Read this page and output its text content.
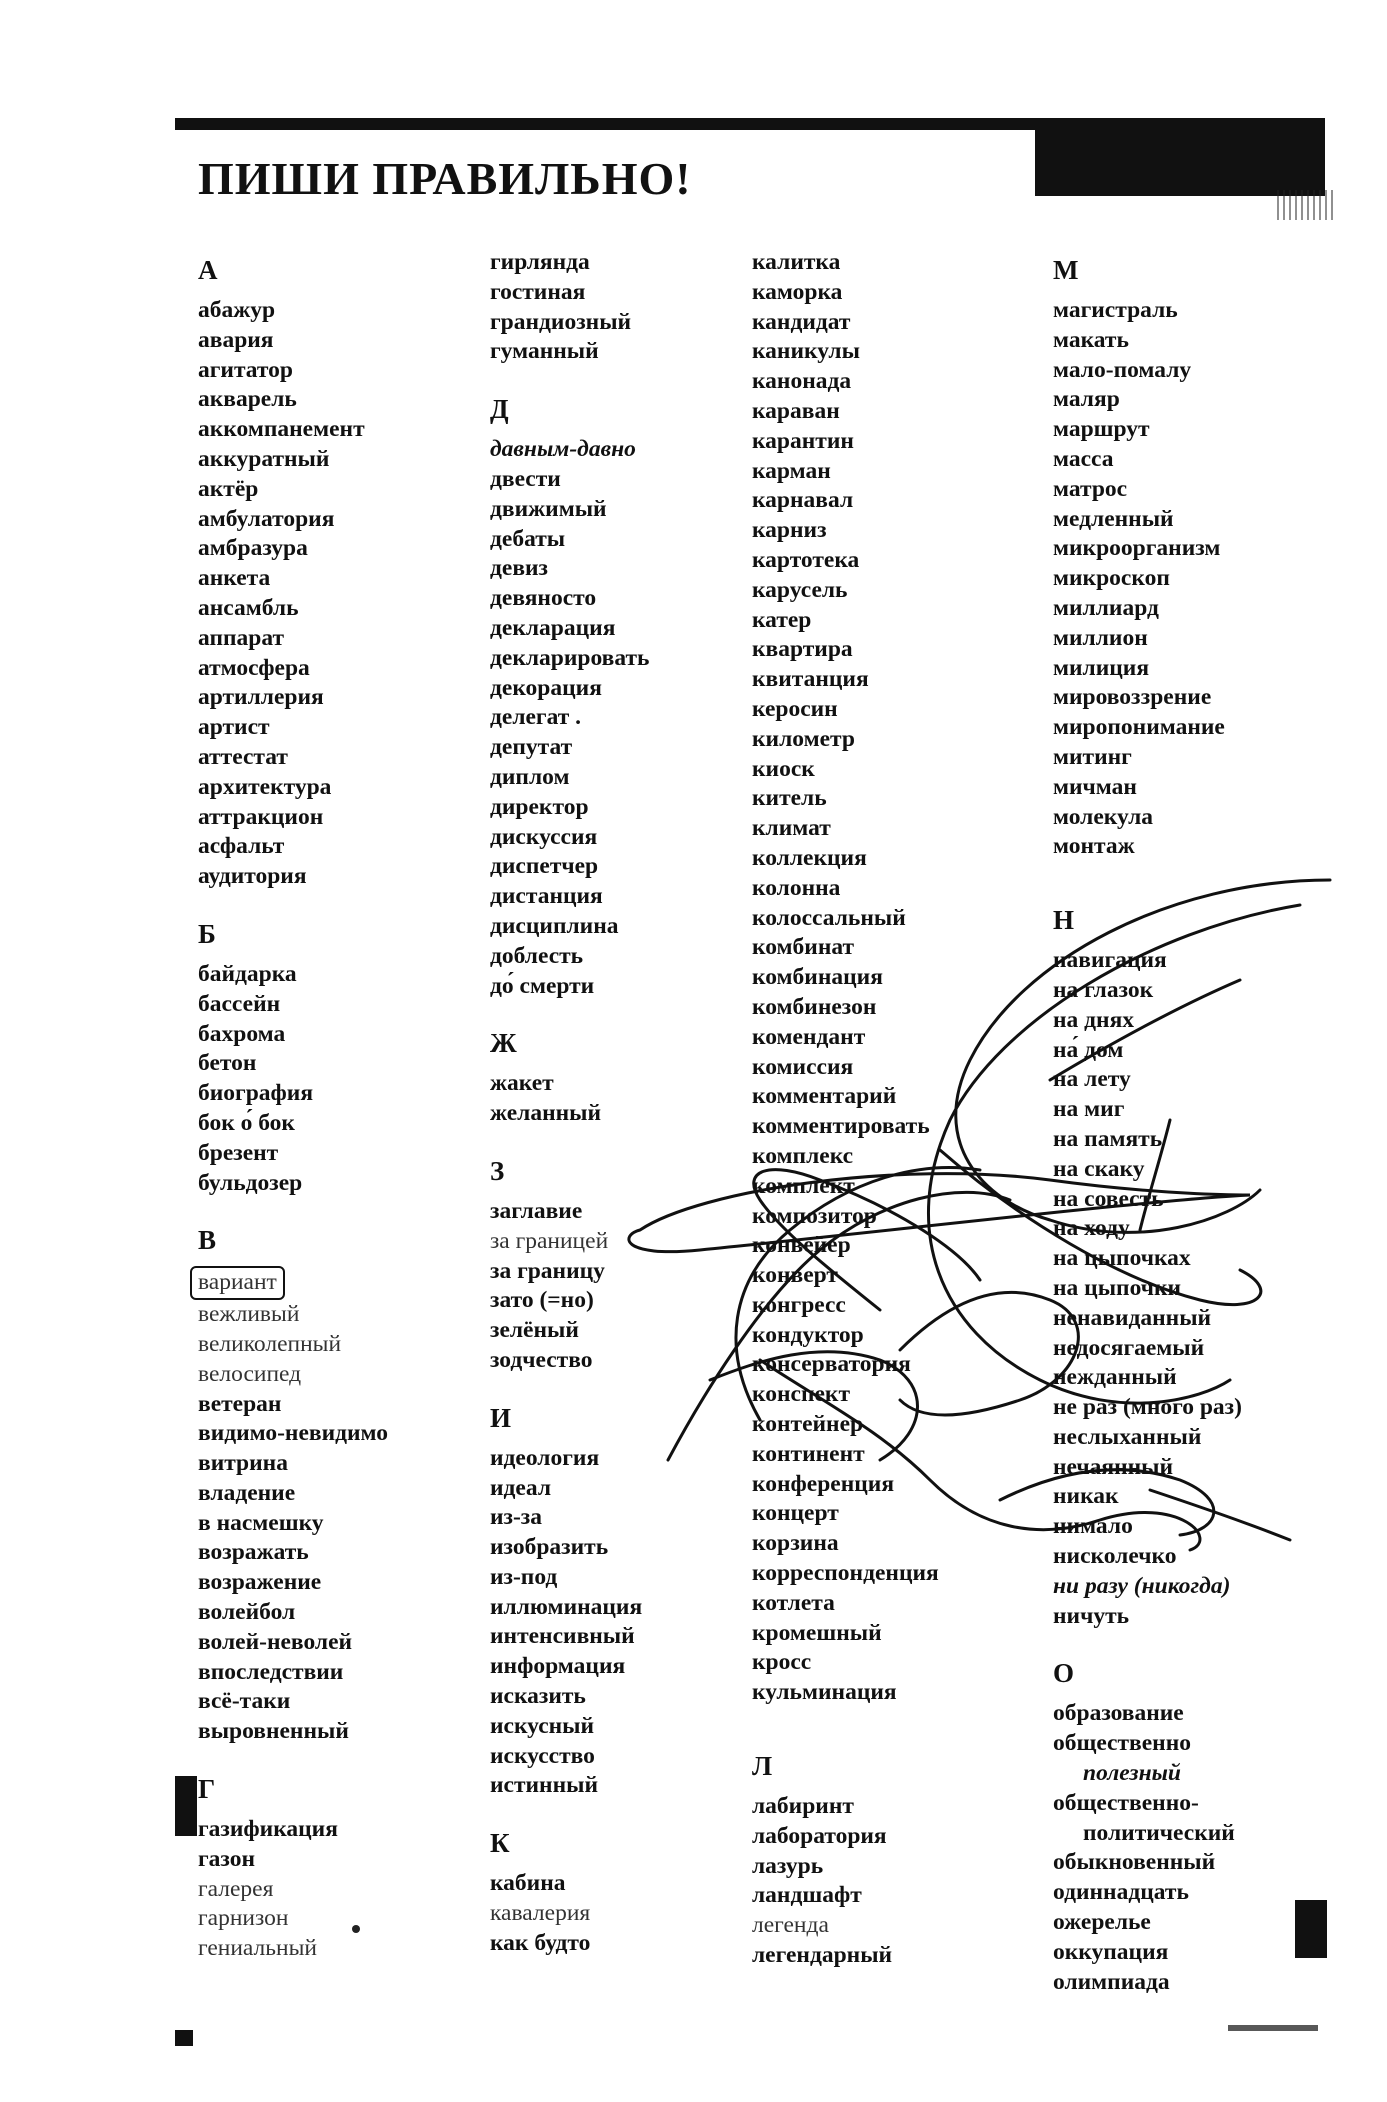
ПИШИ ПРАВИЛЬНО!
А
абажур
авария
агитатор
акварель
аккомпанемент
аккуратный
актёр
амбулатория
амбразура
анкета
ансамбль
аппарат
атмосфера
артиллерия
артист
аттестат
архитектура
аттракцион
асфальт
аудитория
Б
байдарка
бассейн
бахрома
бетон
биография
бок о́ бок
брезент
бульдозер
В
вариант
вежливый
великолепный
велосипед
ветеран
видимо-невидимо
витрина
владение
в насмешку
возражать
возражение
волейбол
волей-неволей
впоследствии
всё-таки
выровненный
Г
газификация
газон
галерея
гарнизон
гениальный
гирлянда
гостиная
грандиозный
гуманный
Д
давным-давно
двести
движимый
дебаты
девиз
девяносто
декларация
декларировать
декорация
делегат .
депутат
диплом
директор
дискуссия
диспетчер
дистанция
дисциплина
доблесть
до́ смерти
Ж
жакет
желанный
З
заглавие
за границей
за границу
зато (=но)
зелёный
зодчество
И
идеология
идеал
из-за
изобразить
из-под
иллюминация
интенсивный
информация
исказить
искусный
искусство
истинный
К
кабина
кавалерия
как будто
калитка
каморка
кандидат
каникулы
канонада
караван
карантин
карман
карнавал
карниз
картотека
карусель
катер
квартира
квитанция
керосин
километр
киоск
китель
климат
коллекция
колонна
колоссальный
комбинат
комбинация
комбинезон
комендант
комиссия
комментарий
комментировать
комплекс
комплект
композитор
конвейер
конверт
конгресс
кондуктор
консерватория
конспект
контейнер
континент
конференция
концерт
корзина
корреспонденция
котлета
кромешный
кросс
кульминация
Л
лабиринт
лаборатория
лазурь
ландшафт
легенда
легендарный
М
магистраль
макать
мало-помалу
маляр
маршрут
масса
матрос
медленный
микроорганизм
микроскоп
миллиард
миллион
милиция
мировоззрение
миропонимание
митинг
мичман
молекула
монтаж
Н
навигация
на глазок
на днях
на́ дом
на лету
на миг
на память
на скаку
на совесть
на ходу
на цыпочках
на цыпочки
ненавиданный
недосягаемый
нежданный
не раз (много раз)
неслыханный
нечаянный
никак
нимало
нисколечко
ни разу (никогда)
ничуть
О
образование
общественно
полезный
общественно-
политический
обыкновенный
одиннадцать
ожерелье
оккупация
олимпиада
